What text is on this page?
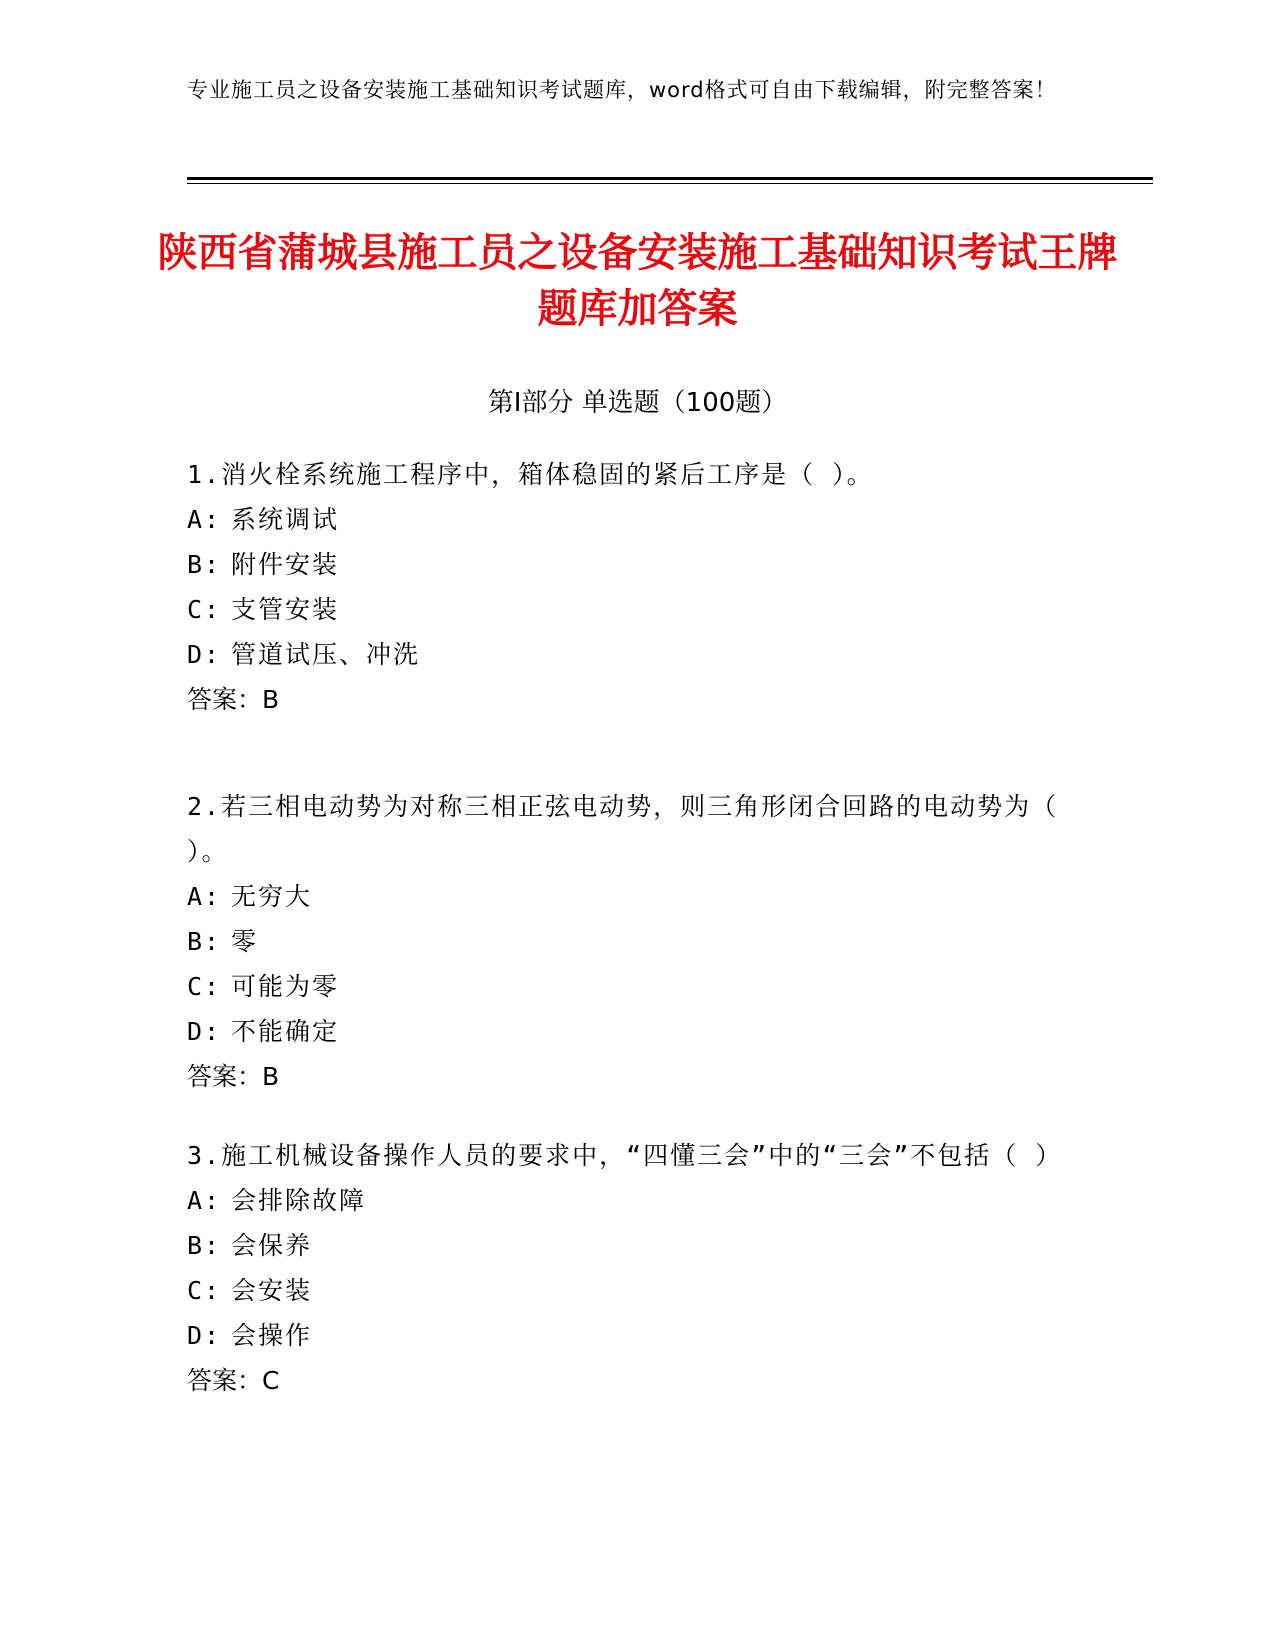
专业施工员之设备安装施工基础知识考试题库，word格式可自由下载编辑，附完整答案！
陕西省蒲城县施工员之设备安装施工基础知识考试王牌题库加答案
第Ⅰ部分 单选题（100题）
1.消火栓系统施工程序中，箱体稳固的紧后工序是（ ）。
A: 系统调试
B: 附件安装
C: 支管安装
D: 管道试压、冲洗
答案：B
2.若三相电动势为对称三相正弦电动势，则三角形闭合回路的电动势为（ ）。
A: 无穷大
B: 零
C: 可能为零
D: 不能确定
答案：B
3.施工机械设备操作人员的要求中，“四懂三会”中的“三会”不包括（ ）
A: 会排除故障
B: 会保养
C: 会安装
D: 会操作
答案：C
